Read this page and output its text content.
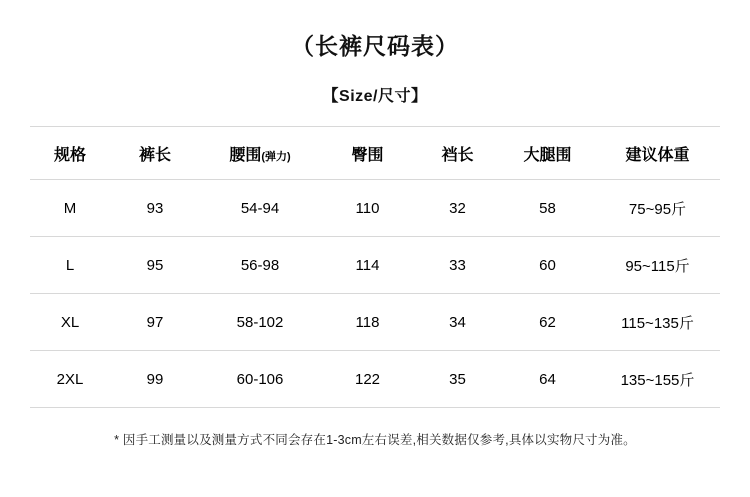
（长裤尺码表）
【Size/尺寸】
规格	裤长	腰围(弹力)	臀围	裆长	大腿围	建议体重
M	93	54-94	110	32	58	75~95斤
L	95	56-98	114	33	60	95~115斤
XL	97	58-102	118	34	62	115~135斤
2XL	99	60-106	122	35	64	135~155斤
* 因手工测量以及测量方式不同会存在1-3cm左右误差,相关数据仅参考,具体以实物尺寸为准。
